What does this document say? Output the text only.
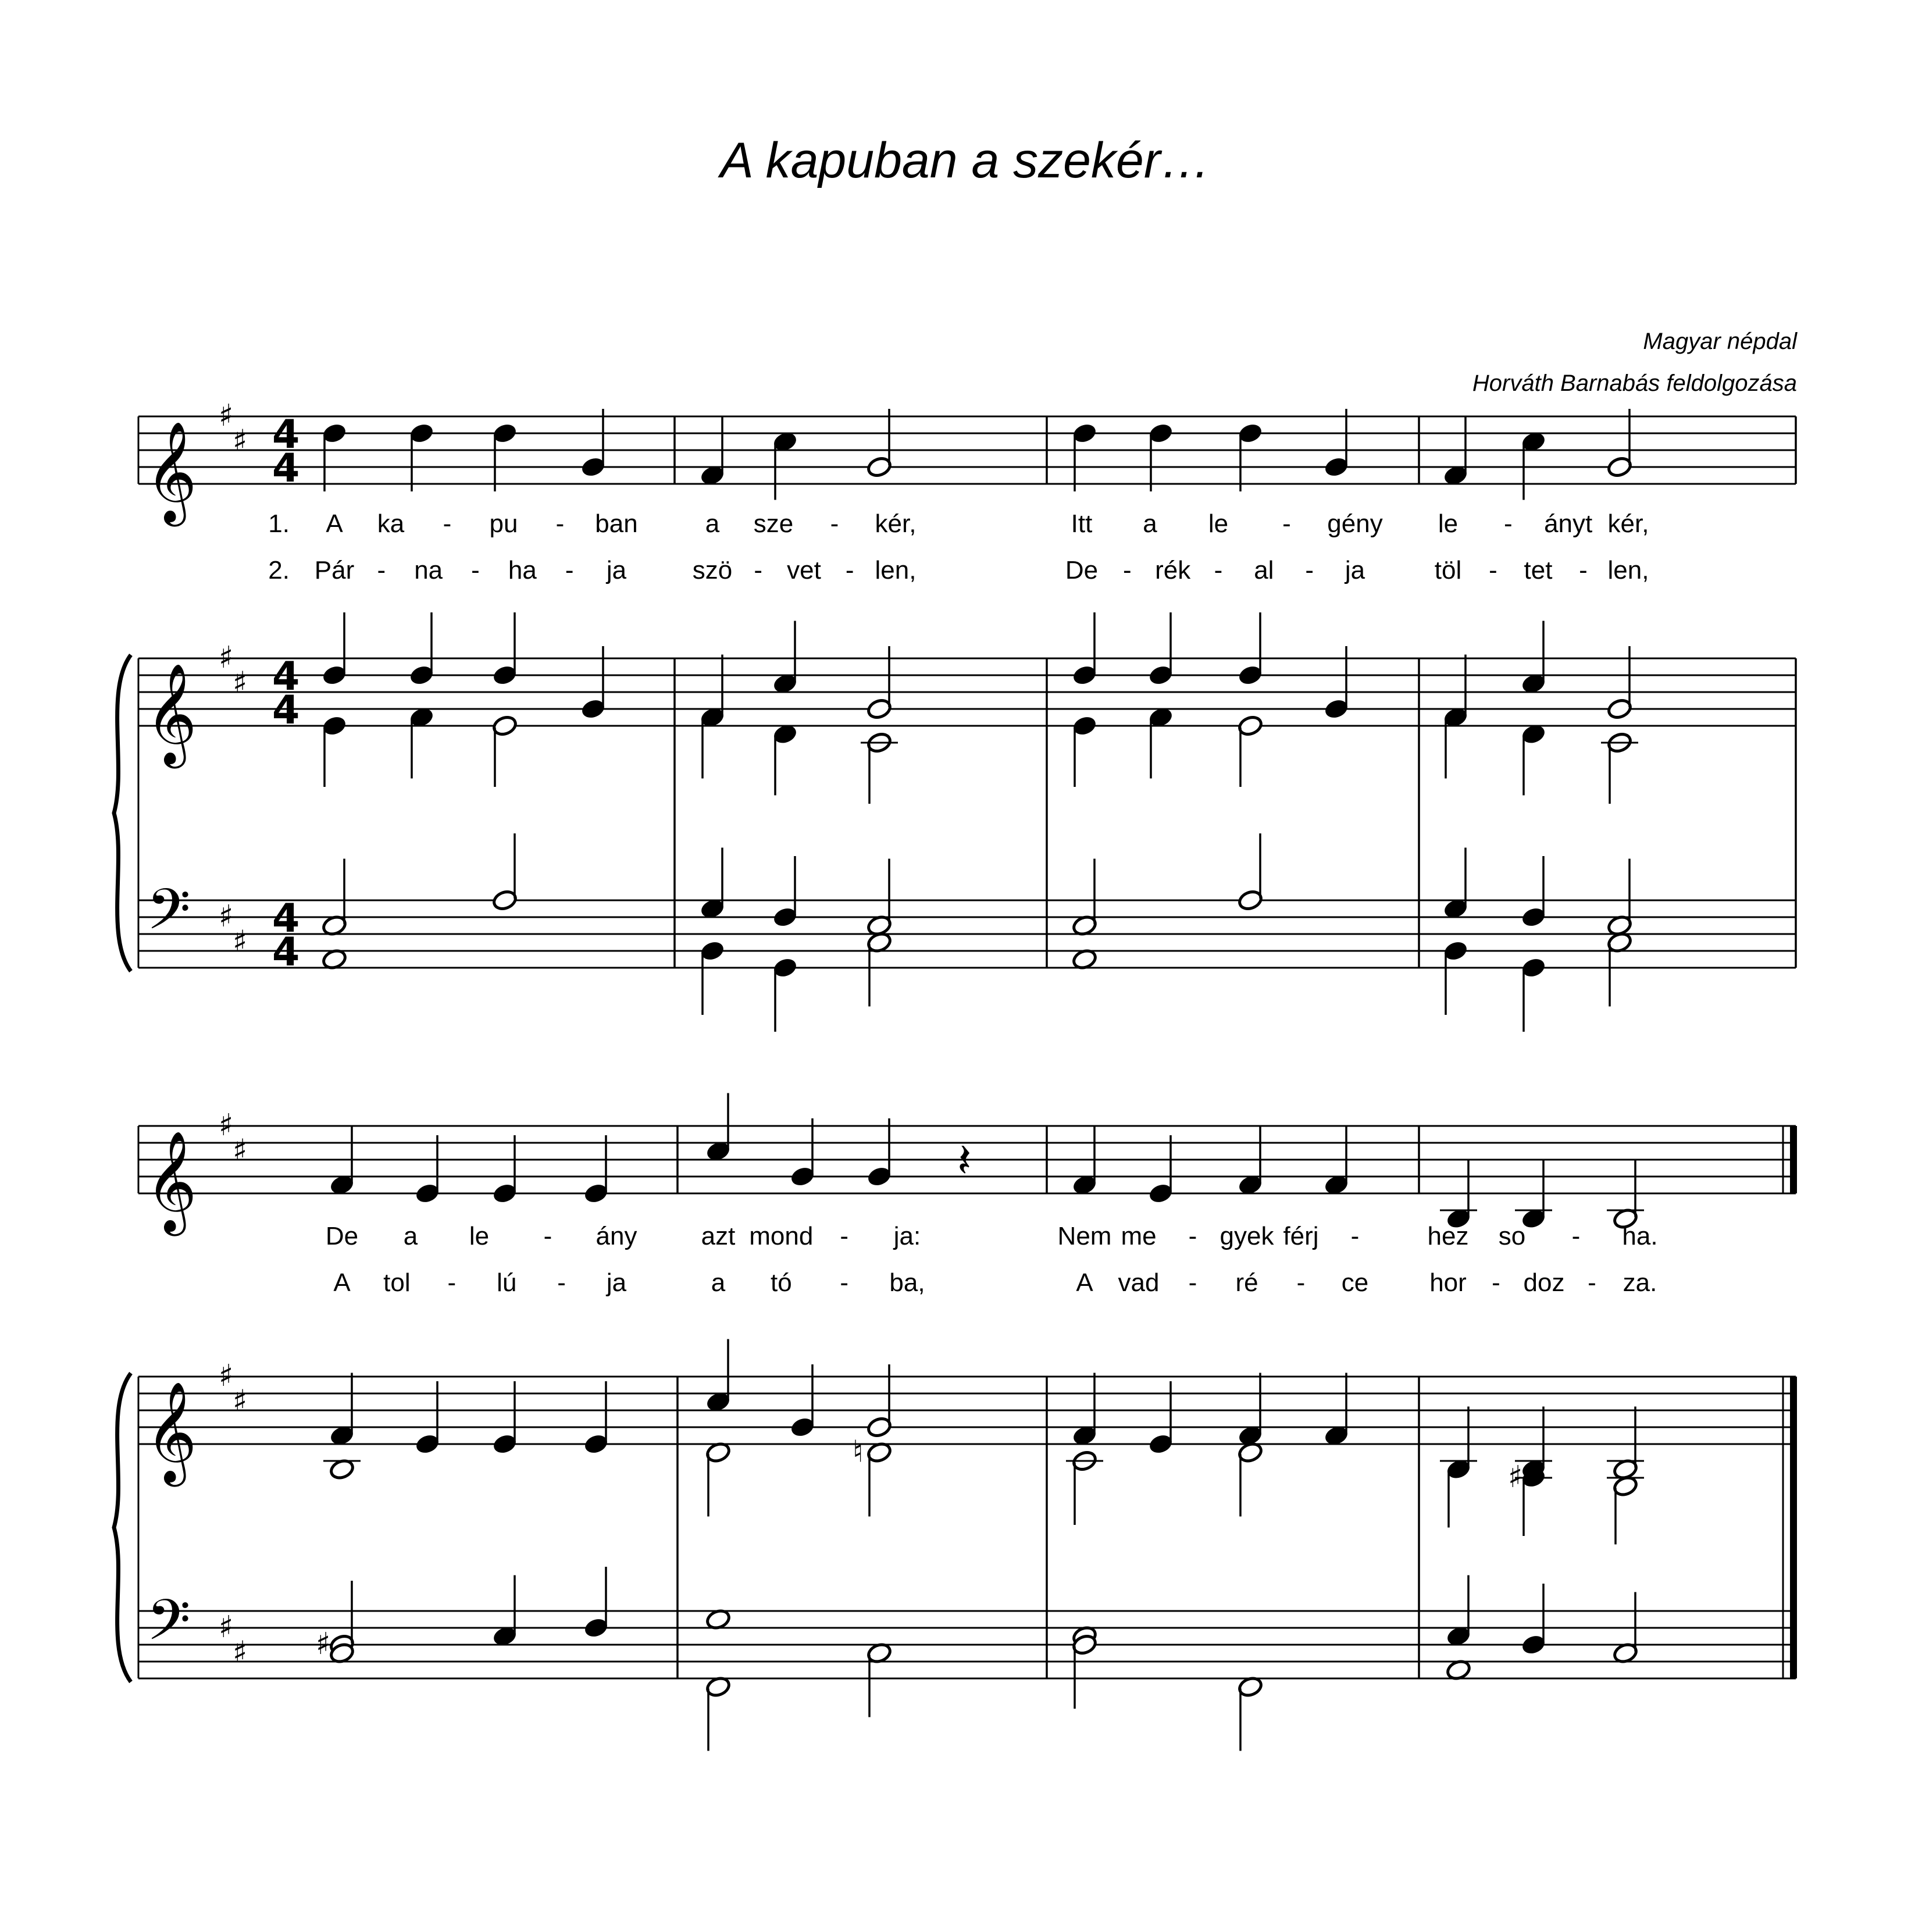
A kapuban a szekér…
Magyar népdal
Horváth Barnabás feldolgozása
𝄞
𝄞
𝄢
♯
♯
♯
♯
♯
♯
4
4
4
4
4
4
𝄞
𝄞
𝄢
♯
♯
♯
♯
♯
♯
𝄽
♮
♯
♯
1. A ka - pu - ban	a sze - kér,	Itt a le - gény le - ányt kér,
2. Pár - na - ha - ja	szö - vet - len,	De - rék - al - ja	töl - tet - len,
De a le - ány	azt mond - ja:	Nem me - gyek férj -	hez so - ha.
A tol - lú - ja	a tó - ba,	A vad - ré - ce hor - doz - za.
